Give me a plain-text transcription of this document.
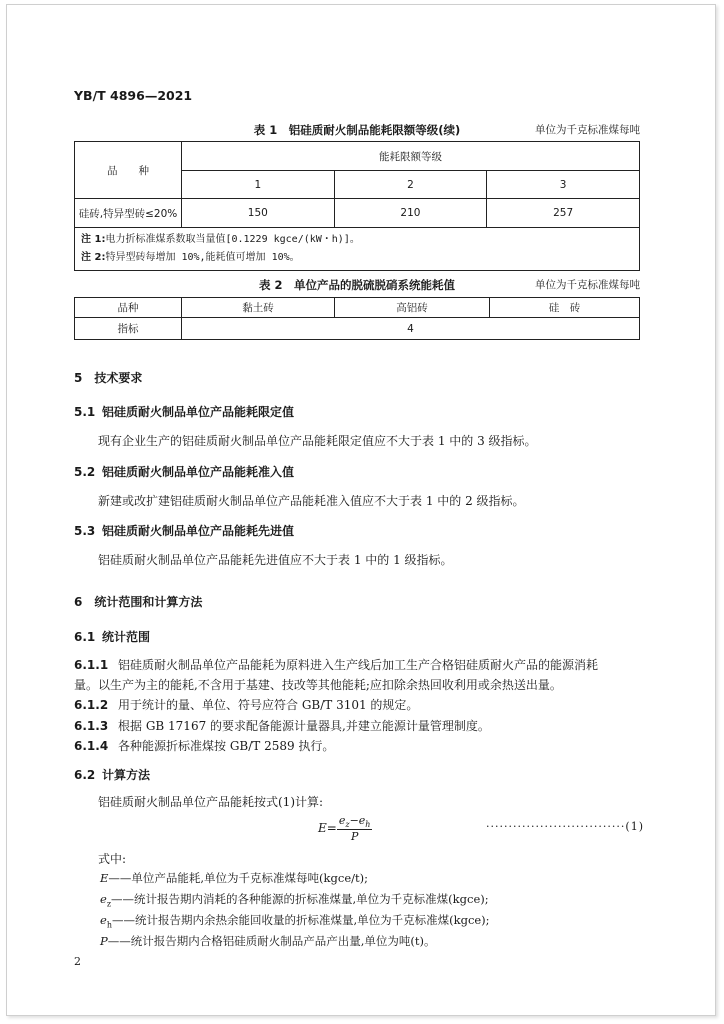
YB/T 4896—2021
表 1　铝硅质耐火制品能耗限额等级(续)	单位为千克标准煤每吨
品　　种	能耗限额等级		
	1	2	3
硅砖,特异型砖≤20%	150	210	257

注 1:电力折标准煤系数取当量值[0.1229 kgce/(kW・h)]。
注 2:特异型砖每增加 10%,能耗值可增加 10%。			
表 2　单位产品的脱硫脱硝系统能耗值	单位为千克标准煤每吨
品种	黏土砖	高铝砖	硅　砖
指标	4		
5　技术要求
5.1 铝硅质耐火制品单位产品能耗限定值
现有企业生产的铝硅质耐火制品单位产品能耗限定值应不大于表 1 中的 3 级指标。
5.2 铝硅质耐火制品单位产品能耗准入值
新建或改扩建铝硅质耐火制品单位产品能耗准入值应不大于表 1 中的 2 级指标。
5.3 铝硅质耐火制品单位产品能耗先进值
铝硅质耐火制品单位产品能耗先进值应不大于表 1 中的 1 级指标。
6　统计范围和计算方法
6.1 统计范围
6.1.1 铝硅质耐火制品单位产品能耗为原料进入生产线后加工生产合格铝硅质耐火产品的能源消耗
量。以生产为主的能耗,不含用于基建、技改等其他能耗;应扣除余热回收利用或余热送出量。
6.1.2 用于统计的量、单位、符号应符合 GB/T 3101 的规定。
6.1.3 根据 GB 17167 的要求配备能源计量器具,并建立能源计量管理制度。
6.1.4 各种能源折标准煤按 GB/T 2589 执行。
6.2 计算方法
铝硅质耐火制品单位产品能耗按式(1)计算:
$E= \frac{e_z-e_h}{P}$	·······························(1)
式中:
E——单位产品能耗,单位为千克标准煤每吨(kgce/t);
$e_z——$统计报告期内消耗的各种能源的折标准煤量,单位为千克标准煤(kgce);
$e_h——$统计报告期内余热余能回收量的折标准煤量,单位为千克标准煤(kgce);
P——统计报告期内合格铝硅质耐火制品产品产出量,单位为吨(t)。
2
